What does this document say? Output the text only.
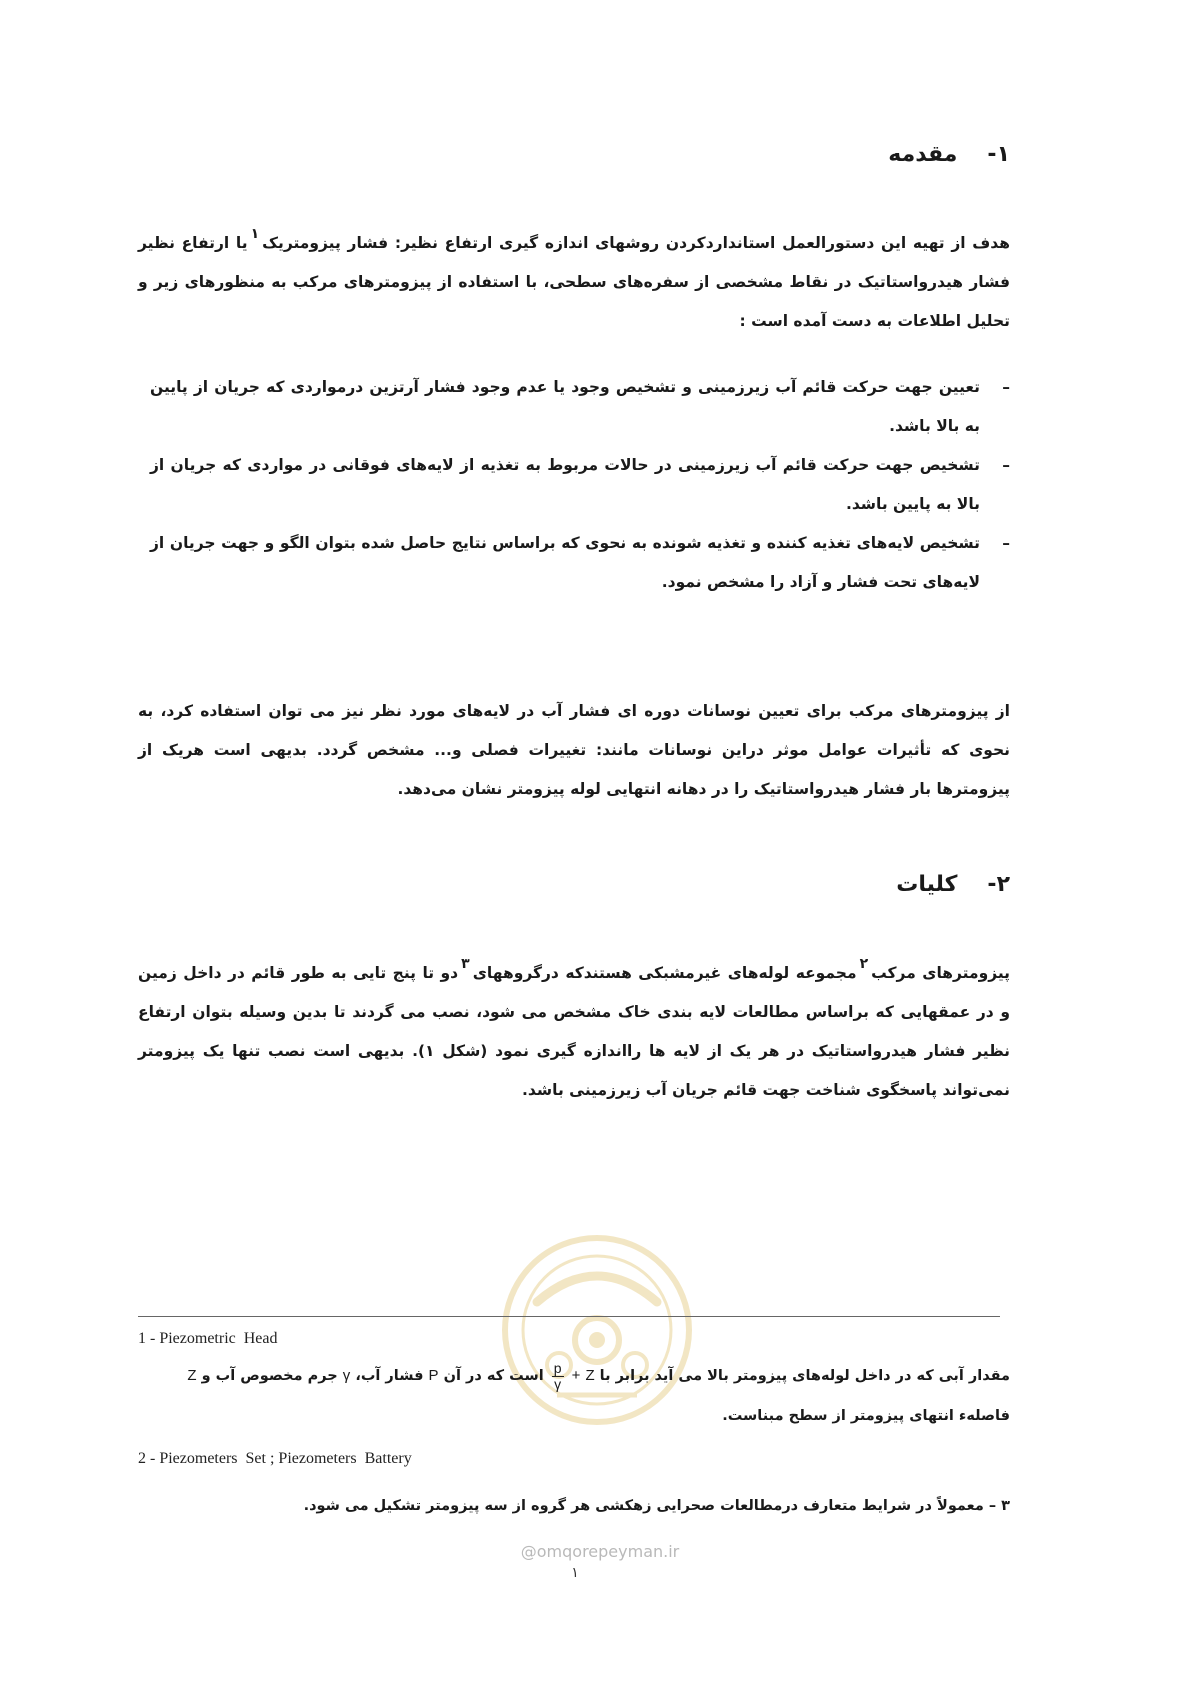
۱-مقدمه
هدف از تهیه این دستورالعمل استانداردکردن روشهای اندازه گیری ارتفاع نظیر: فشار پیزومتریک$^۱$یا ارتفاع نظیر فشار هیدرواستاتیک در نقاط مشخصی از سفره‌های سطحی، با استفاده از پیزومترهای مرکب به منظورهای زیر و تحلیل اطلاعات به دست آمده است :
–
تعیین جهت حرکت قائم آب زیرزمینی و تشخیص وجود یا عدم وجود فشار آرتزین درمواردی که جریان از پایین به بالا باشد.
–
تشخیص جهت حرکت قائم آب زیرزمینی در حالات مربوط به تغذیه از لایه‌های فوقانی در مواردی که جریان از بالا به پایین باشد.
–
تشخیص لایه‌های تغذیه کننده و تغذیه شونده به نحوی که براساس نتایج حاصل شده بتوان الگو و جهت جریان از لایه‌های تحت فشار و آزاد را مشخص نمود.
از پیزومترهای مرکب برای تعیین نوسانات دوره ای فشار آب در لایه‌های مورد نظر نیز می توان استفاده کرد، به نحوی که تأثیرات عوامل موثر دراین نوسانات مانند: تغییرات فصلی و... مشخص گردد. بدیهی است هریک از پیزومترها بار فشار هیدرواستاتیک را در دهانه انتهایی لوله پیزومتر نشان می‌دهد.
۲-کلیات
پیزومترهای مرکب$^۲$مجموعه لوله‌های غیرمشبکی هستندکه درگروههای$^۳$دو تا پنج تایی به طور قائم در داخل زمین و در عمقهایی که براساس مطالعات لایه بندی خاک مشخص می شود، نصب می گردند تا بدین وسیله بتوان ارتفاع نظیر فشار هیدرواستاتیک در هر یک از لایه ها رااندازه گیری نمود (شکل ۱). بدیهی است نصب تنها یک پیزومتر نمی‌تواند پاسخگوی شناخت جهت قائم جریان آب زیرزمینی باشد.
1 - Piezometric  Head
مقدار آبی که در داخل لوله‌های پیزومتر بالا می آید برابر با Z +
$\frac{p}{\gamma}$
است که در آن P فشار آب، γ جرم مخصوص آب و Z
فاصلهء انتهای پیزومتر از سطح مبناست.
2 - Piezometers  Set ; Piezometers  Battery
۳ – معمولاً در شرایط متعارف درمطالعات صحرایی زهکشی هر گروه از سه پیزومتر تشکیل می شود.
@omqorepeyman.ir
۱
